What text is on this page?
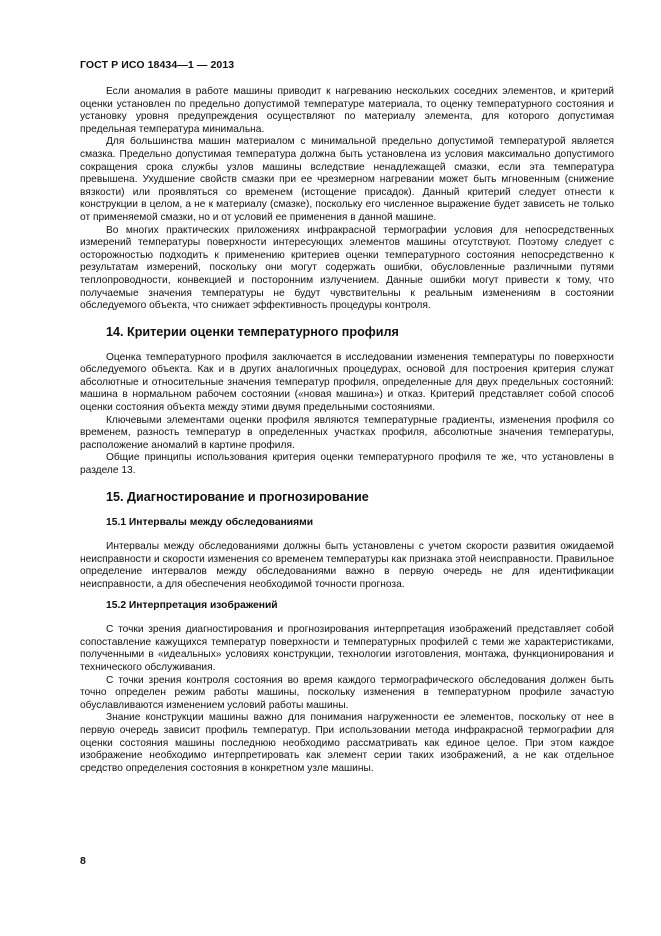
ГОСТ Р ИСО 18434—1 — 2013

Если аномалия в работе машины приводит к нагреванию нескольких соседних элементов, и критерий оценки установлен по предельно допустимой температуре материала, то оценку температурного состояния и установку уровня предупреждения осуществляют по материалу элемента, для которого допустимая предельная температура минимальна.

Для большинства машин материалом с минимальной предельно допустимой температурой является смазка. Предельно допустимая температура должна быть установлена из условия максимально допустимого сокращения срока службы узлов машины вследствие ненадлежащей смазки, если эта температура превышена. Ухудшение свойств смазки при ее чрезмерном нагревании может быть мгновенным (снижение вязкости) или проявляться со временем (истощение присадок). Данный критерий следует отнести к конструкции в целом, а не к материалу (смазке), поскольку его численное выражение будет зависеть не только от применяемой смазки, но и от условий ее применения в данной машине.

Во многих практических приложениях инфракрасной термографии условия для непосредственных измерений температуры поверхности интересующих элементов машины отсутствуют. Поэтому следует с осторожностью подходить к применению критериев оценки температурного состояния непосредственно к результатам измерений, поскольку они могут содержать ошибки, обусловленные различными путями теплопроводности, конвекцией и посторонним излучением. Данные ошибки могут привести к тому, что получаемые значения температуры не будут чувствительны к реальным изменениям в состоянии обследуемого объекта, что снижает эффективность процедуры контроля.

14. Критерии оценки температурного профиля

Оценка температурного профиля заключается в исследовании изменения температуры по поверхности обследуемого объекта. Как и в других аналогичных процедурах, основой для построения критерия служат абсолютные и относительные значения температур профиля, определенные для двух предельных состояний: машина в нормальном рабочем состоянии («новая машина») и отказ. Критерий представляет собой способ оценки состояния объекта между этими двумя предельными состояниями.

Ключевыми элементами оценки профиля являются температурные градиенты, изменения профиля со временем, разность температур в определенных участках профиля, абсолютные значения температуры, расположение аномалий в картине профиля.

Общие принципы использования критерия оценки температурного профиля те же, что установлены в разделе 13.

15. Диагностирование и прогнозирование
15.1 Интервалы между обследованиями

Интервалы между обследованиями должны быть установлены с учетом скорости развития ожидаемой неисправности и скорости изменения со временем температуры как признака этой неисправности. Правильное определение интервалов между обследованиями важно в первую очередь не для идентификации неисправности, а для обеспечения необходимой точности прогноза.

15.2 Интерпретация изображений

С точки зрения диагностирования и прогнозирования интерпретация изображений представляет собой сопоставление кажущихся температур поверхности и температурных профилей с теми же характеристиками, полученными в «идеальных» условиях конструкции, технологии изготовления, монтажа, функционирования и технического обслуживания.

С точки зрения контроля состояния во время каждого термографического обследования должен быть точно определен режим работы машины, поскольку изменения в температурном профиле зачастую обуславливаются изменением условий работы машины.

Знание конструкции машины важно для понимания нагруженности ее элементов, поскольку от нее в первую очередь зависит профиль температур. При использовании метода инфракрасной термографии для оценки состояния машины последнюю необходимо рассматривать как единое целое. При этом каждое изображение необходимо интерпретировать как элемент серии таких изображений, а не как отдельное средство определения состояния в конкретном узле машины.

8
